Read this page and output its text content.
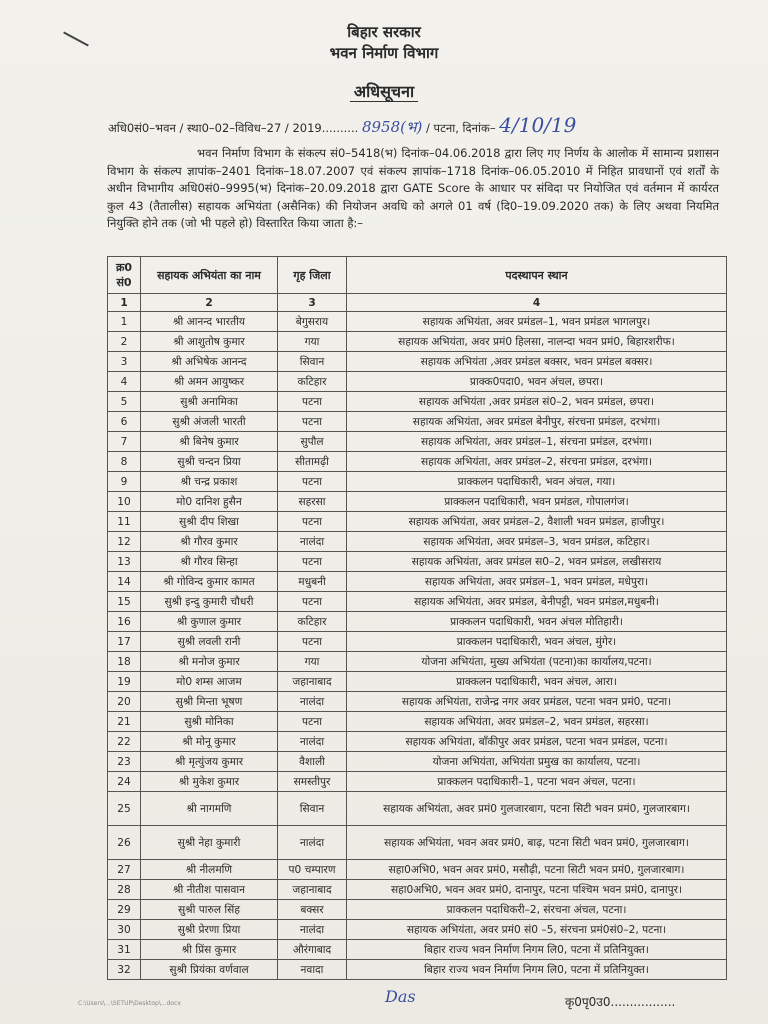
बिहार सरकार
भवन निर्माण विभाग
अधिसूचना
अधि0सं0–भवन / स्था0–02–विविध–27 / 2019.......... 8958(भ) / पटना, दिनांक– 4/10/19
भवन निर्माण विभाग के संकल्प सं0–5418(भ) दिनांक–04.06.2018 द्वारा लिए गए निर्णय के आलोक में सामान्य प्रशासन विभाग के संकल्प ज्ञापांक–2401 दिनांक–18.07.2007 एवं संकल्प ज्ञापांक–1718 दिनांक–06.05.2010 में निहित प्रावधानों एवं शर्तों के अधीन विभागीय अधि0सं0–9995(भ) दिनांक–20.09.2018 द्वारा GATE Score के आधार पर संविदा पर नियोजित एवं वर्तमान में कार्यरत कुल 43 (तैतालीस) सहायक अभियंता (असैनिक) की नियोजन अवधि को अगले 01 वर्ष (दि0–19.09.2020 तक) के लिए अथवा नियमित नियुक्ति होने तक (जो भी पहले हो) विस्तारित किया जाता है:–
क्र0 सं0	सहायक अभियंता का नाम	गृह जिला	पदस्थापन स्थान
1	2	3	4
1	श्री आनन्द भारतीय	बेगुसराय	सहायक अभियंता, अवर प्रमंडल–1, भवन प्रमंडल भागलपुर।
2	श्री आशुतोष कुमार	गया	सहायक अभियंता, अवर प्रमं0 हिलसा, नालन्दा भवन प्रमं0, बिहारशरीफ।
3	श्री अभिषेक आनन्द	सिवान	सहायक अभियंता ,अवर प्रमंडल बक्सर, भवन प्रमंडल बक्सर।
4	श्री अमन आयुष्कर	कटिहार	प्राक्क0पदा0, भवन अंचल, छपरा।
5	सुश्री अनामिका	पटना	सहायक अभियंता ,अवर प्रमंडल सं0–2, भवन प्रमंडल, छपरा।
6	सुश्री अंजली भारती	पटना	सहायक अभियंता, अवर प्रमंडल बेनीपुर, संरचना प्रमंडल, दरभंगा।
7	श्री बिनेष कुमार	सुपौल	सहायक अभियंता, अवर प्रमंडल–1, संरचना प्रमंडल, दरभंगा।
8	सुश्री चन्दन प्रिया	सीतामढ़ी	सहायक अभियंता, अवर प्रमंडल–2, संरचना प्रमंडल, दरभंगा।
9	श्री चन्द्र प्रकाश	पटना	प्राक्कलन पदाधिकारी, भवन अंचल, गया।
10	मो0 दानिश हुसैन	सहरसा	प्राक्कलन पदाधिकारी, भवन प्रमंडल, गोपालगंज।
11	सुश्री दीप शिखा	पटना	सहायक अभियंता, अवर प्रमंडल–2, वैशाली भवन प्रमंडल, हाजीपुर।
12	श्री गौरव कुमार	नालंदा	सहायक अभियंता, अवर प्रमंडल–3, भवन प्रमंडल, कटिहार।
13	श्री गौरव सिन्हा	पटना	सहायक अभियंता, अवर प्रमंडल स0–2, भवन प्रमंडल, लखीसराय
14	श्री गोविन्द कुमार कामत	मधुबनी	सहायक अभियंता, अवर प्रमंडल–1, भवन प्रमंडल, मधेपुरा।
15	सुश्री इन्दु कुमारी चौधरी	पटना	सहायक अभियंता, अवर प्रमंडल, बेनीपट्टी, भवन प्रमंडल,मधुबनी।
16	श्री कुणाल कुमार	कटिहार	प्राक्कलन पदाधिकारी, भवन अंचल मोतिहारी।
17	सुश्री लवली रानी	पटना	प्राक्कलन पदाधिकारी, भवन अंचल, मुंगेर।
18	श्री मनोज कुमार	गया	योजना अभियंता, मुख्य अभियंता (पटना)का कार्यालय,पटना।
19	मो0 शम्स आजम	जहानाबाद	प्राक्कलन पदाधिकारी, भवन अंचल, आरा।
20	सुश्री मिन्ता भूषण	नालंदा	सहायक अभियंता, राजेन्द्र नगर अवर प्रमंडल, पटना भवन प्रमं0, पटना।
21	सुश्री मोनिका	पटना	सहायक अभियंता, अवर प्रमंडल–2, भवन प्रमंडल, सहरसा।
22	श्री मोनू कुमार	नालंदा	सहायक अभियंता, बाँकीपुर अवर प्रमंडल, पटना भवन प्रमंडल, पटना।
23	श्री मृत्युंजय कुमार	वैशाली	योजना अभियंता, अभियंता प्रमुख का कार्यालय, पटना।
24	श्री मुकेश कुमार	समस्तीपुर	प्राक्कलन पदाधिकारी–1, पटना भवन अंचल, पटना।
25	श्री नागमणि	सिवान	सहायक अभियंता, अवर प्रमं0 गुलजारबाग, पटना सिटी भवन प्रमं0, गुलजारबाग।
26	सुश्री नेहा कुमारी	नालंदा	सहायक अभियंता, भवन अवर प्रमं0, बाढ़, पटना सिटी भवन प्रमं0, गुलजारबाग।
27	श्री नीलमणि	प0 चम्पारण	सहा0अभि0, भवन अवर प्रमं0, मसौढ़ी, पटना सिटी भवन प्रमं0, गुलजारबाग।
28	श्री नीतीश पासवान	जहानाबाद	सहा0अभि0, भवन अवर प्रमं0, दानापुर, पटना पश्चिम भवन प्रमं0, दानापुर।
29	सुश्री पारुल सिंह	बक्सर	प्राक्कलन पदाधिकरी–2, संरचना अंचल, पटना।
30	सुश्री प्रेरणा प्रिया	नालंदा	सहायक अभियंता, अवर प्रमं0 सं0 –5, संरचना प्रमं0सं0–2, पटना।
31	श्री प्रिंस कुमार	औरंगाबाद	बिहार राज्य भवन निर्माण निगम लि0, पटना में प्रतिनियुक्त।
32	सुश्री प्रियंका वर्णवाल	नवादा	बिहार राज्य भवन निर्माण निगम लि0, पटना में प्रतिनियुक्त।
C:\Users\...\SETUP\Desktop\...docx	Das	कृ0पृ0उ0.................
